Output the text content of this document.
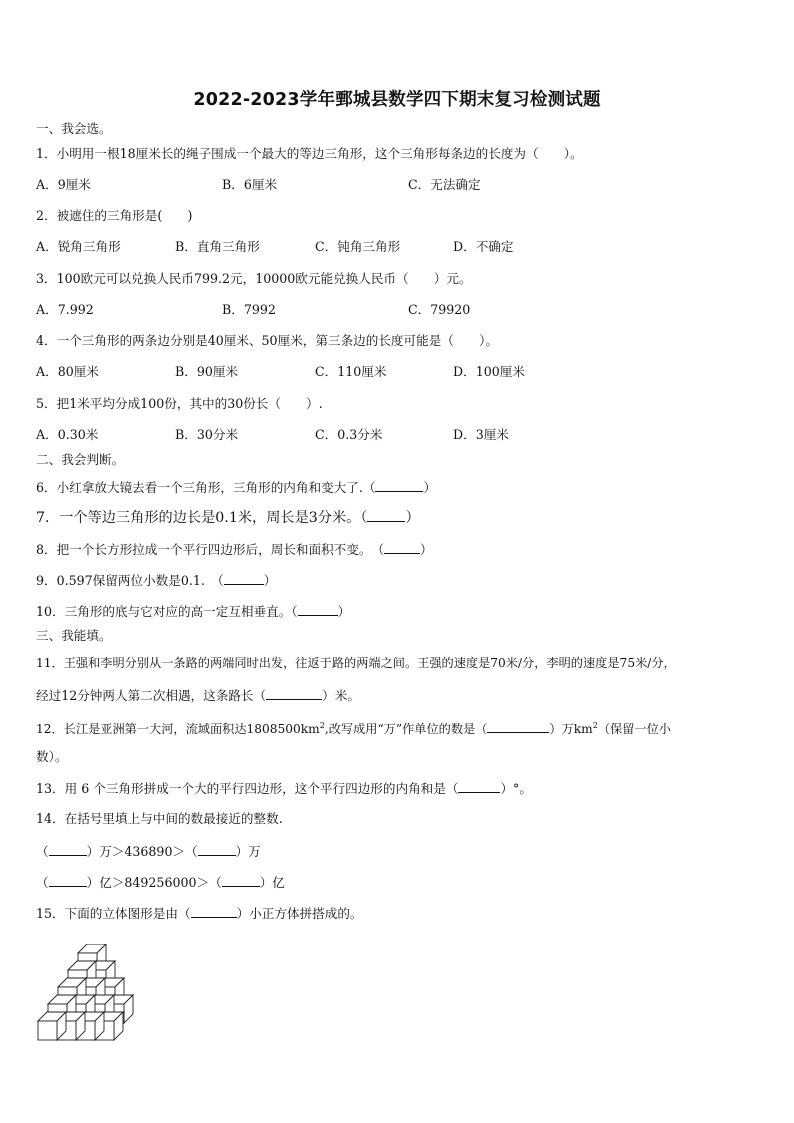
2022-2023学年鄄城县数学四下期末复习检测试题
一、我会选。
1．小明用一根18厘米长的绳子围成一个最大的等边三角形，这个三角形每条边的长度为（　　）。
A．9厘米	B．6厘米	C．无法确定
2．被遮住的三角形是(　　)
A．锐角三角形	B．直角三角形	C．钝角三角形	D．不确定
3．100欧元可以兑换人民币799.2元，10000欧元能兑换人民币（　　）元。
A．7.992	B．7992	C．79920
4．一个三角形的两条边分别是40厘米、50厘米，第三条边的长度可能是（　　）。
A．80厘米	B．90厘米	C．110厘米	D．100厘米
5．把1米平均分成100份，其中的30份长（　　）.
A．0.30米	B．30分米	C．0.3分米	D．3厘米
二、我会判断。
6．小红拿放大镜去看一个三角形，三角形的内角和变大了.（	）
7．一个等边三角形的边长是0.1米，周长是3分米。（	）
8．把一个长方形拉成一个平行四边形后，周长和面积不变。　（	）
9．0.597保留两位小数是0.1.　（	）
10．三角形的底与它对应的高一定互相垂直。（	）
三、我能填。
11．王强和李明分别从一条路的两端同时出发，往返于路的两端之间。王强的速度是70米/分，李明的速度是75米/分，
经过12分钟两人第二次相遇，这条路长（	）米。
12．长江是亚洲第一大河，流域面积达$1808500km^2$,改写成用“万”作单位的数是（	）万$km^2$（保留一位小
数）。
13．用 6 个三角形拼成一个大的平行四边形，这个平行四边形的内角和是（	）°。
14．在括号里填上与中间的数最接近的整数.
（	）万＞436890＞（	）万
（	）亿＞849256000＞（	）亿
15．下面的立体图形是由（	）小正方体拼搭成的。
